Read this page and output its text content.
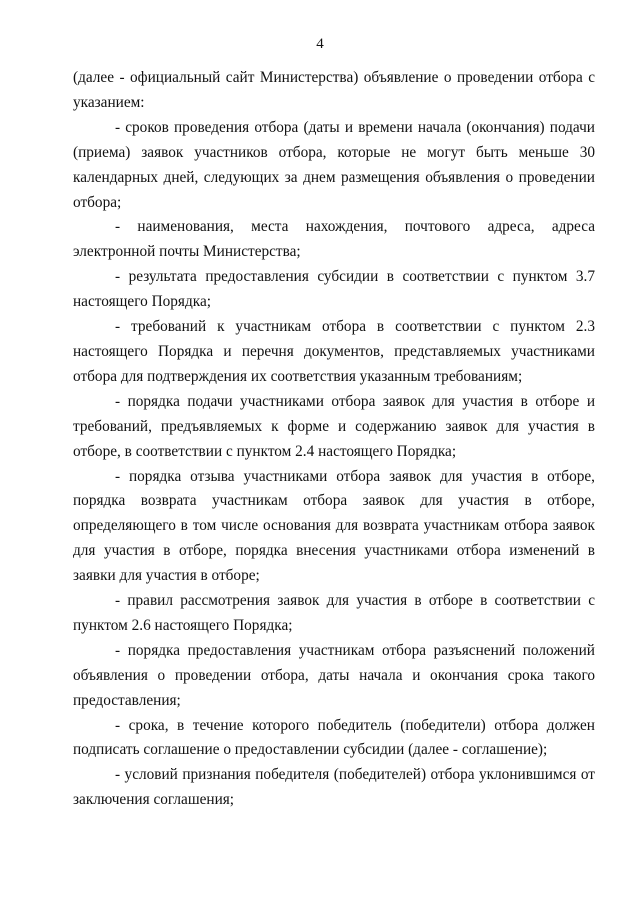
4

(далее - официальный сайт Министерства) объявление о проведении отбора с указанием:

- сроков проведения отбора (даты и времени начала (окончания) подачи (приема) заявок участников отбора, которые не могут быть меньше 30 календарных дней, следующих за днем размещения объявления о проведении отбора;

- наименования, места нахождения, почтового адреса, адреса электронной почты Министерства;

- результата предоставления субсидии в соответствии с пунктом 3.7 настоящего Порядка;

- требований к участникам отбора в соответствии с пунктом 2.3 настоящего Порядка и перечня документов, представляемых участниками отбора для подтверждения их соответствия указанным требованиям;

- порядка подачи участниками отбора заявок для участия в отборе и требований, предъявляемых к форме и содержанию заявок для участия в отборе, в соответствии с пунктом 2.4 настоящего Порядка;

- порядка отзыва участниками отбора заявок для участия в отборе, порядка возврата участникам отбора заявок для участия в отборе, определяющего в том числе основания для возврата участникам отбора заявок для участия в отборе, порядка внесения участниками отбора изменений в заявки для участия в отборе;

- правил рассмотрения заявок для участия в отборе в соответствии с пунктом 2.6 настоящего Порядка;

- порядка предоставления участникам отбора разъяснений положений объявления о проведении отбора, даты начала и окончания срока такого предоставления;

- срока, в течение которого победитель (победители) отбора должен подписать соглашение о предоставлении субсидии (далее - соглашение);

- условий признания победителя (победителей) отбора уклонившимся от заключения соглашения;
